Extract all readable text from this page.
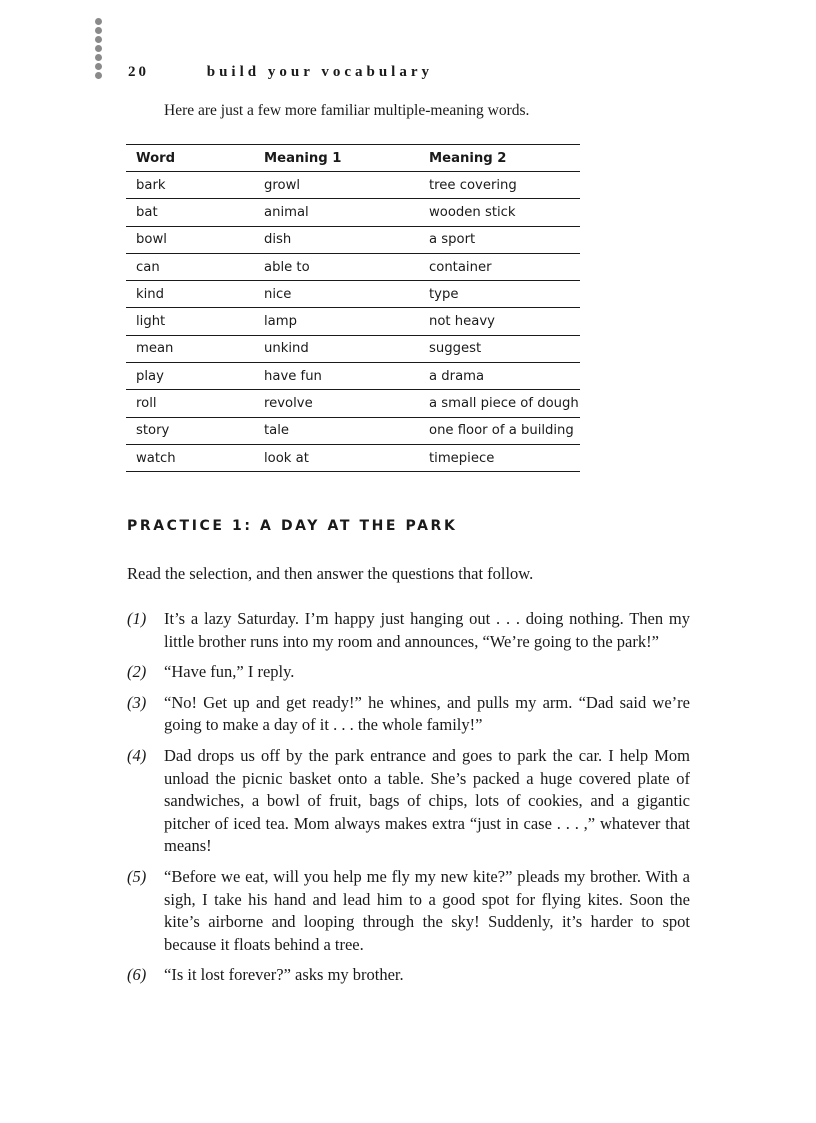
20	build your vocabulary
Here are just a few more familiar multiple-meaning words.
Word	Meaning 1	Meaning 2
bark	growl	tree covering
bat	animal	wooden stick
bowl	dish	a sport
can	able to	container
kind	nice	type
light	lamp	not heavy
mean	unkind	suggest
play	have fun	a drama
roll	revolve	a small piece of dough
story	tale	one floor of a building
watch	look at	timepiece
PRACTICE 1: A DAY AT THE PARK
Read the selection, and then answer the questions that follow.
(1) It’s a lazy Saturday. I’m happy just hanging out . . . doing nothing. Then my little brother runs into my room and announces, “We’re going to the park!”
(2) “Have fun,” I reply.
(3) “No! Get up and get ready!” he whines, and pulls my arm. “Dad said we’re going to make a day of it . . . the whole family!”
(4) Dad drops us off by the park entrance and goes to park the car. I help Mom unload the picnic basket onto a table. She’s packed a huge covered plate of sandwiches, a bowl of fruit, bags of chips, lots of cookies, and a gigantic pitcher of iced tea. Mom always makes extra “just in case . . . ,” whatever that means!
(5) “Before we eat, will you help me fly my new kite?” pleads my brother. With a sigh, I take his hand and lead him to a good spot for flying kites. Soon the kite’s airborne and looping through the sky! Suddenly, it’s harder to spot because it floats behind a tree.
(6) “Is it lost forever?” asks my brother.
